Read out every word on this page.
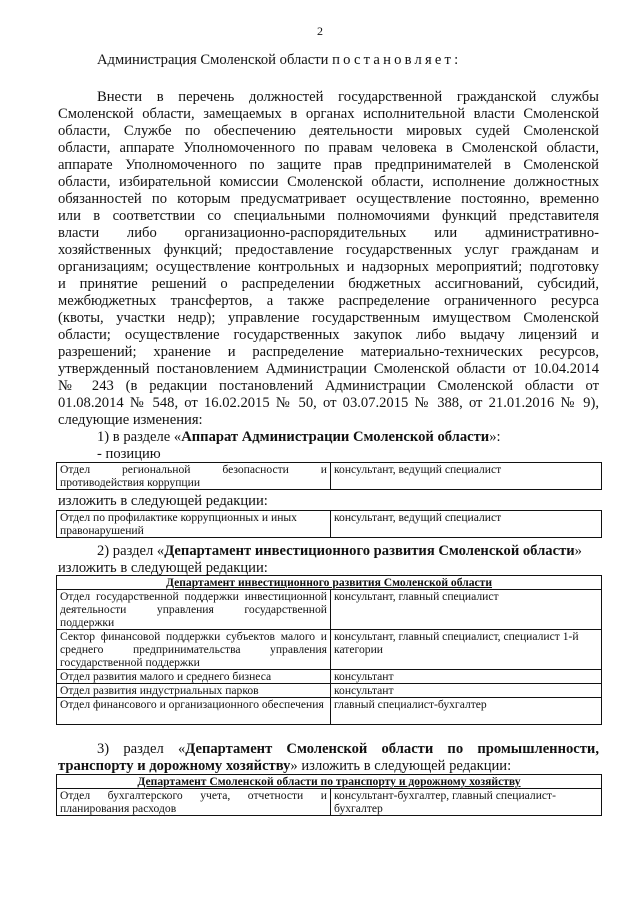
2
Администрация Смоленской области постановляет:
Внести в перечень должностей государственной гражданской службы
Смоленской области, замещаемых в органах исполнительной власти Смоленской
области, Службе по обеспечению деятельности мировых судей Смоленской
области, аппарате Уполномоченного по правам человека в Смоленской области,
аппарате Уполномоченного по защите прав предпринимателей в Смоленской
области, избирательной комиссии Смоленской области, исполнение должностных
обязанностей по которым предусматривает осуществление постоянно, временно
или в соответствии со специальными полномочиями функций представителя
власти либо организационно-распорядительных или административно-
хозяйственных функций; предоставление государственных услуг гражданам и
организациям; осуществление контрольных и надзорных мероприятий; подготовку
и принятие решений о распределении бюджетных ассигнований, субсидий,
межбюджетных трансфертов, а также распределение ограниченного ресурса
(квоты, участки недр); управление государственным имуществом Смоленской
области; осуществление государственных закупок либо выдачу лицензий и
разрешений; хранение и распределение материально-технических ресурсов,
утвержденный постановлением Администрации Смоленской области от 10.04.2014
№ 243 (в редакции постановлений Администрации Смоленской области от
01.08.2014 № 548, от 16.02.2015 № 50, от 03.07.2015 № 388, от 21.01.2016 № 9),
следующие изменения:
1) в разделе «Аппарат Администрации Смоленской области»:
- позицию
Отдел региональной безопасности и противодействия коррупции	консультант, ведущий специалист
изложить в следующей редакции:
Отдел по профилактике коррупционных и иных правонарушений	консультант, ведущий специалист
2) раздел «Департамент инвестиционного развития Смоленской области»
изложить в следующей редакции:
Департамент инвестиционного развития Смоленской области	
Отдел государственной поддержки инвестиционной деятельности управления государственной поддержки	консультант, главный специалист
Сектор финансовой поддержки субъектов малого и среднего предпринимательства управления государственной поддержки	консультант, главный специалист, специалист 1-й категории
Отдел развития малого и среднего бизнеса	консультант
Отдел развития индустриальных парков	консультант
Отдел финансового и организационного обеспечения	главный специалист-бухгалтер
3) раздел «Департамент Смоленской области по промышленности,
транспорту и дорожному хозяйству» изложить в следующей редакции:
Департамент Смоленской области по транспорту и дорожному хозяйству
Отдел бухгалтерского учета, отчетности и планирования расходов	консультант-бухгалтер, главный специалист-бухгалтер
